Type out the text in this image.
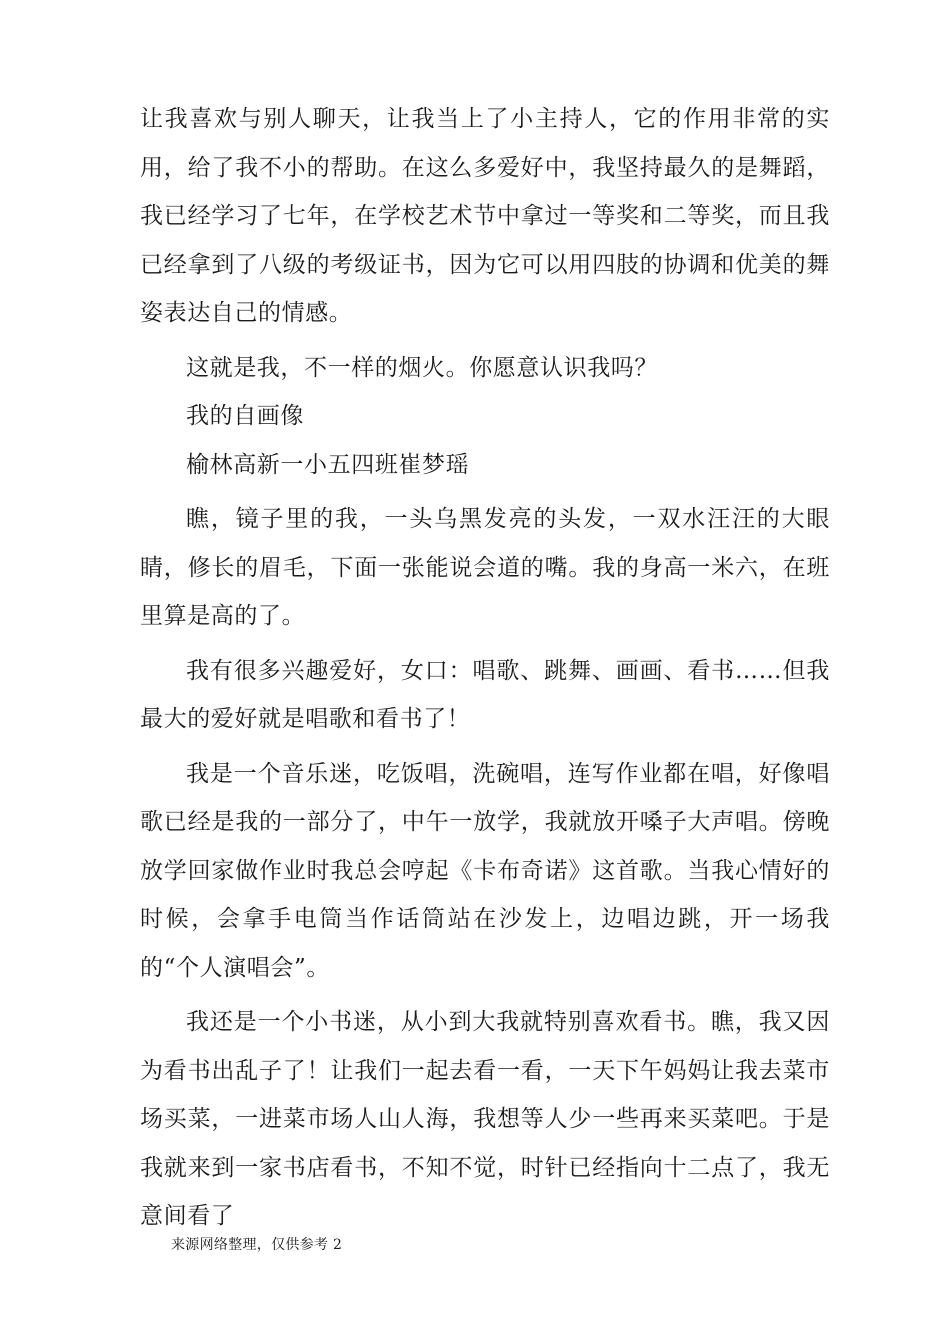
让我喜欢与别人聊天，让我当上了小主持人，它的作用非常的实用，给了我不小的帮助。在这么多爱好中，我坚持最久的是舞蹈，我已经学习了七年，在学校艺术节中拿过一等奖和二等奖，而且我已经拿到了八级的考级证书，因为它可以用四肢的协调和优美的舞姿表达自己的情感。

这就是我，不一样的烟火。你愿意认识我吗？

我的自画像

榆林高新一小五四班崔梦瑶

瞧，镜子里的我，一头乌黑发亮的头发，一双水汪汪的大眼睛，修长的眉毛，下面一张能说会道的嘴。我的身高一米六，在班里算是高的了。

我有很多兴趣爱好，女口：唱歌、跳舞、画画、看书……但我最大的爱好就是唱歌和看书了！

我是一个音乐迷，吃饭唱，洗碗唱，连写作业都在唱，好像唱歌已经是我的一部分了，中午一放学，我就放开嗓子大声唱。傍晚放学回家做作业时我总会哼起《卡布奇诺》这首歌。当我心情好的时候，会拿手电筒当作话筒站在沙发上，边唱边跳，开一场我的“个人演唱会”。

我还是一个小书迷，从小到大我就特别喜欢看书。瞧，我又因为看书出乱子了！让我们一起去看一看，一天下午妈妈让我去菜市场买菜，一进菜市场人山人海，我想等人少一些再来买菜吧。于是我就来到一家书店看书，不知不觉，时针已经指向十二点了，我无意间看了

来源网络整理，仅供参考 2
